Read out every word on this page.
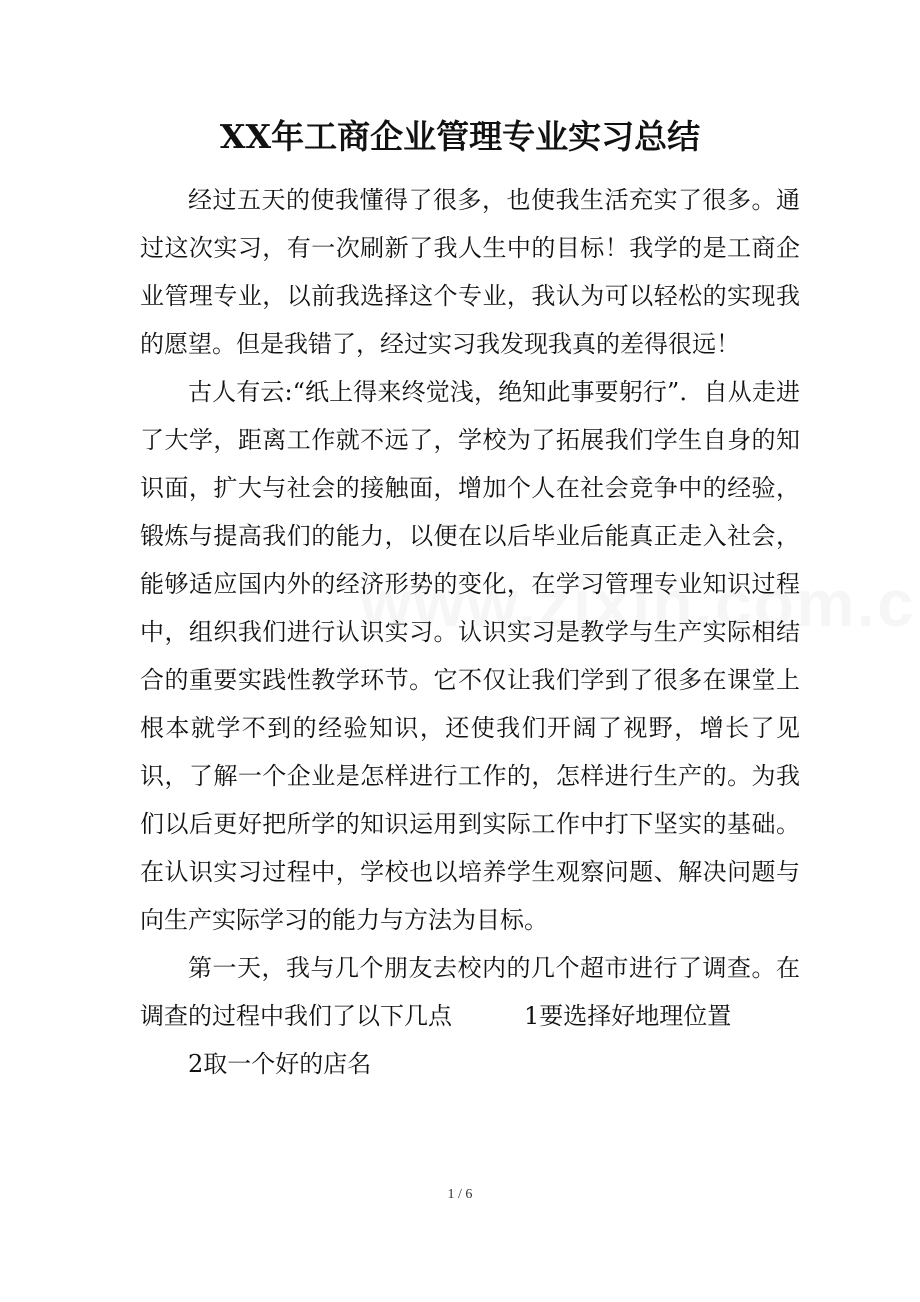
XX年工商企业管理专业实习总结

经过五天的使我懂得了很多，也使我生活充实了很多。通过这次实习，有一次刷新了我人生中的目标！我学的是工商企业管理专业，以前我选择这个专业，我认为可以轻松的实现我的愿望。但是我错了，经过实习我发现我真的差得很远！

古人有云:“纸上得来终觉浅，绝知此事要躬行”．自从走进了大学，距离工作就不远了，学校为了拓展我们学生自身的知识面，扩大与社会的接触面，增加个人在社会竞争中的经验，锻炼与提高我们的能力，以便在以后毕业后能真正走入社会，能够适应国内外的经济形势的变化，在学习管理专业知识过程中，组织我们进行认识实习。认识实习是教学与生产实际相结合的重要实践性教学环节。它不仅让我们学到了很多在课堂上根本就学不到的经验知识，还使我们开阔了视野，增长了见识，了解一个企业是怎样进行工作的，怎样进行生产的。为我们以后更好把所学的知识运用到实际工作中打下坚实的基础。在认识实习过程中，学校也以培养学生观察问题、解决问题与向生产实际学习的能力与方法为目标。

第一天，我与几个朋友去校内的几个超市进行了调查。在调查的过程中我们了以下几点　　　1要选择好地理位置

2取一个好的店名

1 / 6
